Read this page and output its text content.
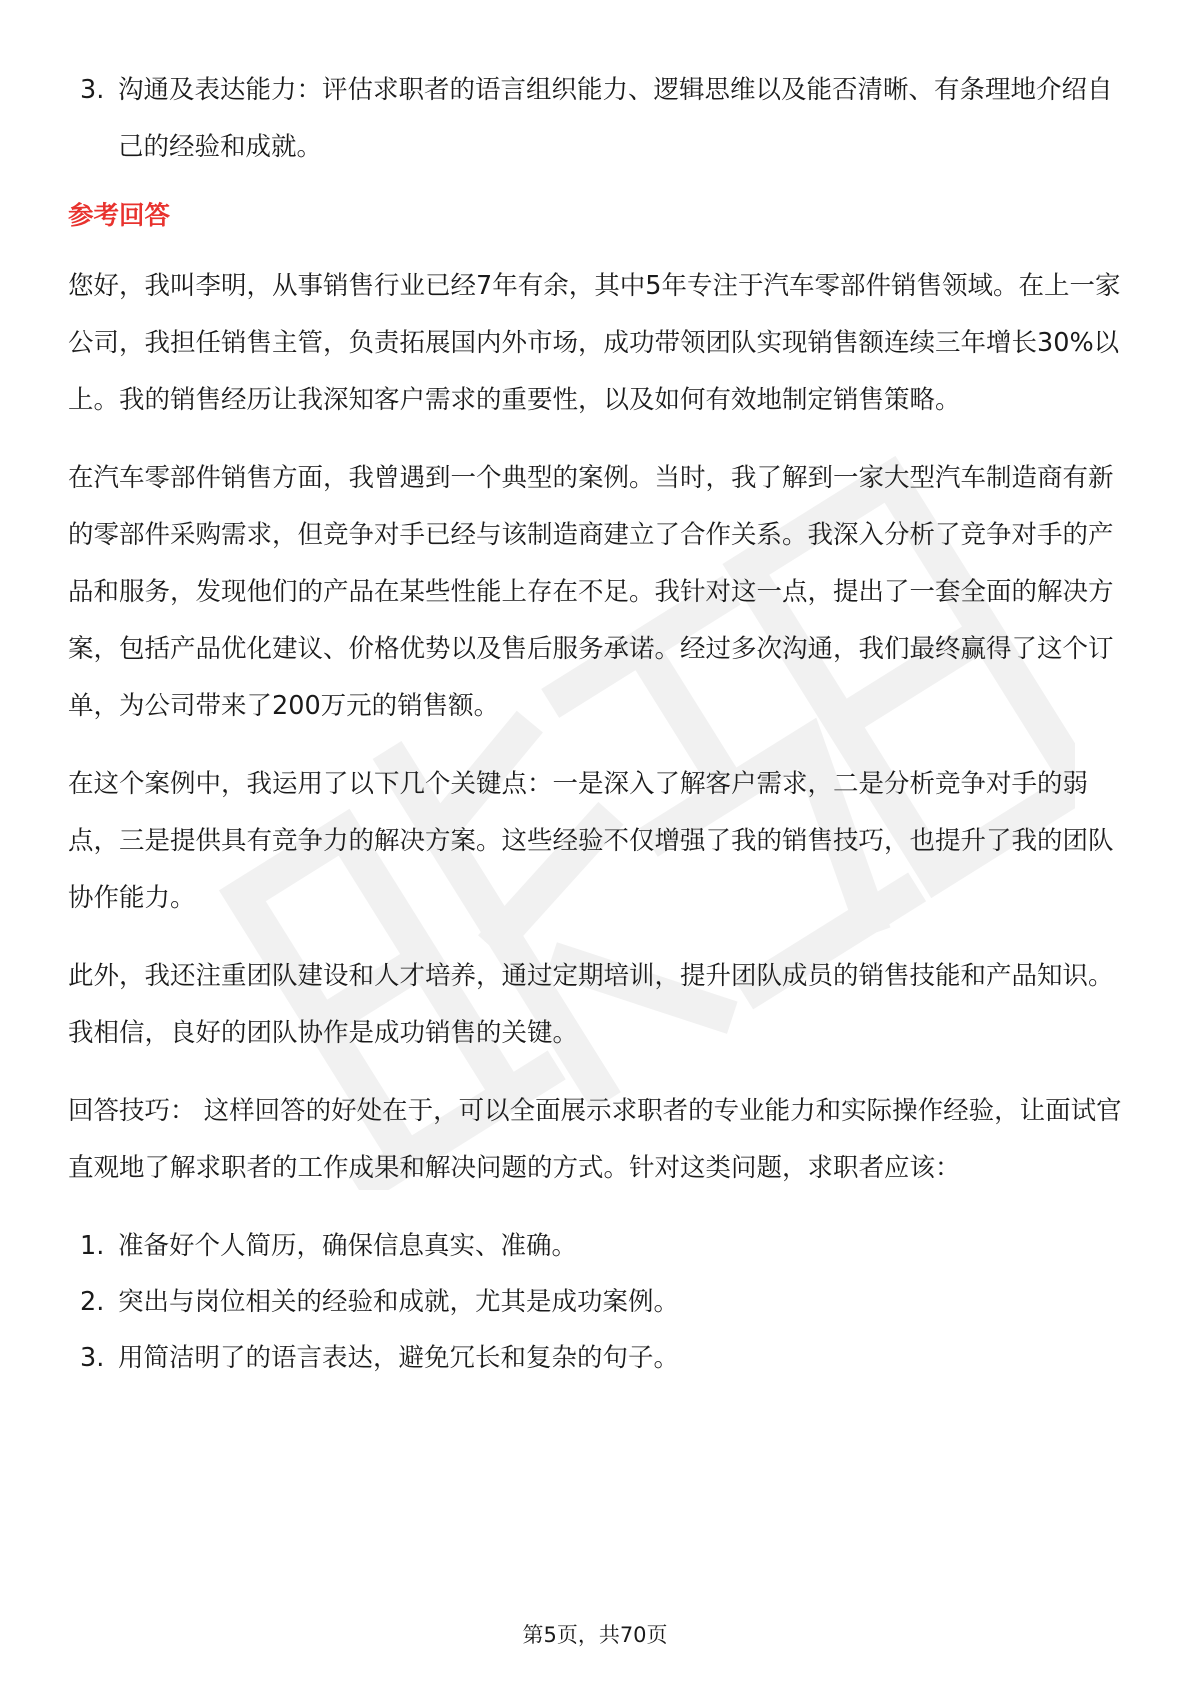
3. 沟通及表达能力：评估求职者的语言组织能力、逻辑思维以及能否清晰、有条理地介绍自己的经验和成就。
参考回答

您好，我叫李明，从事销售行业已经7年有余，其中5年专注于汽车零部件销售领域。在上一家公司，我担任销售主管，负责拓展国内外市场，成功带领团队实现销售额连续三年增长30%以上。我的销售经历让我深知客户需求的重要性，以及如何有效地制定销售策略。

在汽车零部件销售方面，我曾遇到一个典型的案例。当时，我了解到一家大型汽车制造商有新的零部件采购需求，但竞争对手已经与该制造商建立了合作关系。我深入分析了竞争对手的产品和服务，发现他们的产品在某些性能上存在不足。我针对这一点，提出了一套全面的解决方案，包括产品优化建议、价格优势以及售后服务承诺。经过多次沟通，我们最终赢得了这个订单，为公司带来了200万元的销售额。

在这个案例中，我运用了以下几个关键点：一是深入了解客户需求，二是分析竞争对手的弱点，三是提供具有竞争力的解决方案。这些经验不仅增强了我的销售技巧，也提升了我的团队协作能力。

此外，我还注重团队建设和人才培养，通过定期培训，提升团队成员的销售技能和产品知识。我相信，良好的团队协作是成功销售的关键。

回答技巧： 这样回答的好处在于，可以全面展示求职者的专业能力和实际操作经验，让面试官直观地了解求职者的工作成果和解决问题的方式。针对这类问题，求职者应该：

1. 准备好个人简历，确保信息真实、准确。
2. 突出与岗位相关的经验和成就，尤其是成功案例。
3. 用简洁明了的语言表达，避免冗长和复杂的句子。
第5页，共70页
